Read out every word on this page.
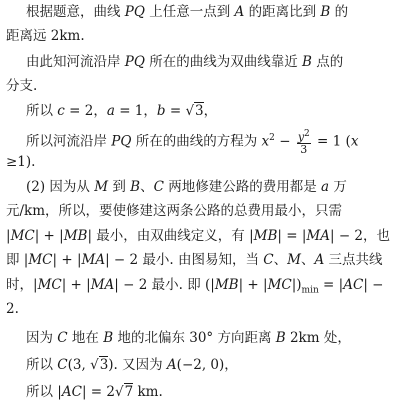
根据题意，曲线 PQ 上任意一点到 A 的距离比到 B 的
距离远 2km.
由此知河流沿岸 PQ 所在的曲线为双曲线靠近 B 点的
分支.
所以 c = 2，a = 1，b = √3，
所以河流沿岸 PQ 所在的曲线的方程为 $x^2 - \frac{y^2}{3} = 1$ (x
≥1).
(2) 因为从 M 到 B、C 两地修建公路的费用都是 a 万
元/km，所以，要使修建这两条公路的总费用最小，只需
|MC| + |MB| 最小，由双曲线定义，有 |MB| = |MA| − 2，也
即 |MC| + |MA| − 2 最小. 由图易知，当 C、M、A 三点共线
时，|MC| + |MA| − 2 最小. 即 $(|MB| + |MC|)_{min} = |AC|$ −
2.
因为 C 地在 B 地的北偏东 30° 方向距离 B 2km 处，
所以 C(3, √3). 又因为 A(−2, 0)，
所以 |AC| = 2√7 km.
